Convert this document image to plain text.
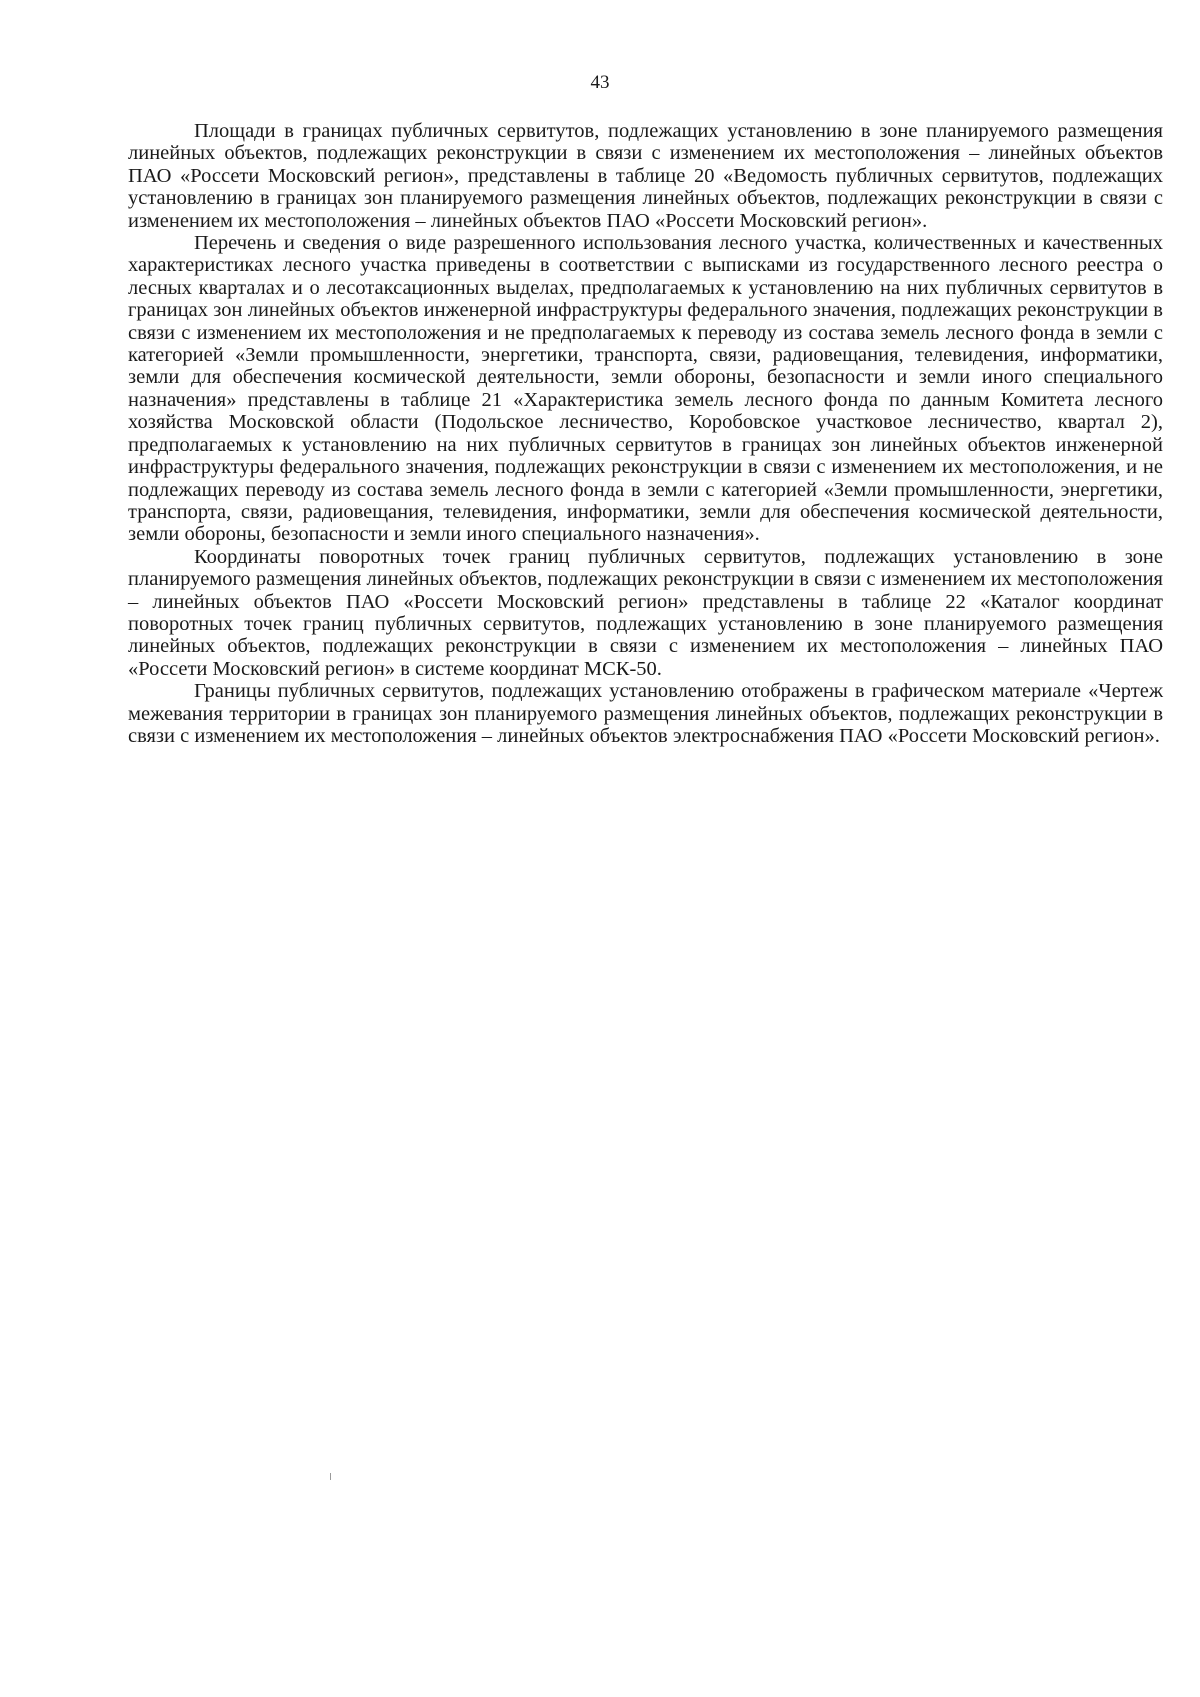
43

Площади в границах публичных сервитутов, подлежащих установлению в зоне планируемого размещения линейных объектов, подлежащих реконструкции в связи с изменением их местоположения – линейных объектов ПАО «Россети Московский регион», представлены в таблице 20 «Ведомость публичных сервитутов, подлежащих установлению в границах зон планируемого размещения линейных объектов, подлежащих реконструкции в связи с изменением их местоположения – линейных объектов ПАО «Россети Московский регион».

Перечень и сведения о виде разрешенного использования лесного участка, количественных и качественных характеристиках лесного участка приведены в соответствии с выписками из государственного лесного реестра о лесных кварталах и о лесотаксационных выделах, предполагаемых к установлению на них публичных сервитутов в границах зон линейных объектов инженерной инфраструктуры федерального значения, подлежащих реконструкции в связи с изменением их местоположения и не предполагаемых к переводу из состава земель лесного фонда в земли с категорией «Земли промышленности, энергетики, транспорта, связи, радиовещания, телевидения, информатики, земли для обеспечения космической деятельности, земли обороны, безопасности и земли иного специального назначения» представлены в таблице 21 «Характеристика земель лесного фонда по данным Комитета лесного хозяйства Московской области (Подольское лесничество, Коробовское участковое лесничество, квартал 2), предполагаемых к установлению на них публичных сервитутов в границах зон линейных объектов инженерной инфраструктуры федерального значения, подлежащих реконструкции в связи с изменением их местоположения, и не подлежащих переводу из состава земель лесного фонда в земли с категорией «Земли промышленности, энергетики, транспорта, связи, радиовещания, телевидения, информатики, земли для обеспечения космической деятельности, земли обороны, безопасности и земли иного специального назначения».

Координаты поворотных точек границ публичных сервитутов, подлежащих установлению в зоне планируемого размещения линейных объектов, подлежащих реконструкции в связи с изменением их местоположения – линейных объектов ПАО «Россети Московский регион» представлены в таблице 22 «Каталог координат поворотных точек границ публичных сервитутов, подлежащих установлению в зоне планируемого размещения линейных объектов, подлежащих реконструкции в связи с изменением их местоположения – линейных ПАО «Россети Московский регион» в системе координат МСК-50.

Границы публичных сервитутов, подлежащих установлению отображены в графическом материале «Чертеж межевания территории в границах зон планируемого размещения линейных объектов, подлежащих реконструкции в связи с изменением их местоположения – линейных объектов электроснабжения ПАО «Россети Московский регион».
